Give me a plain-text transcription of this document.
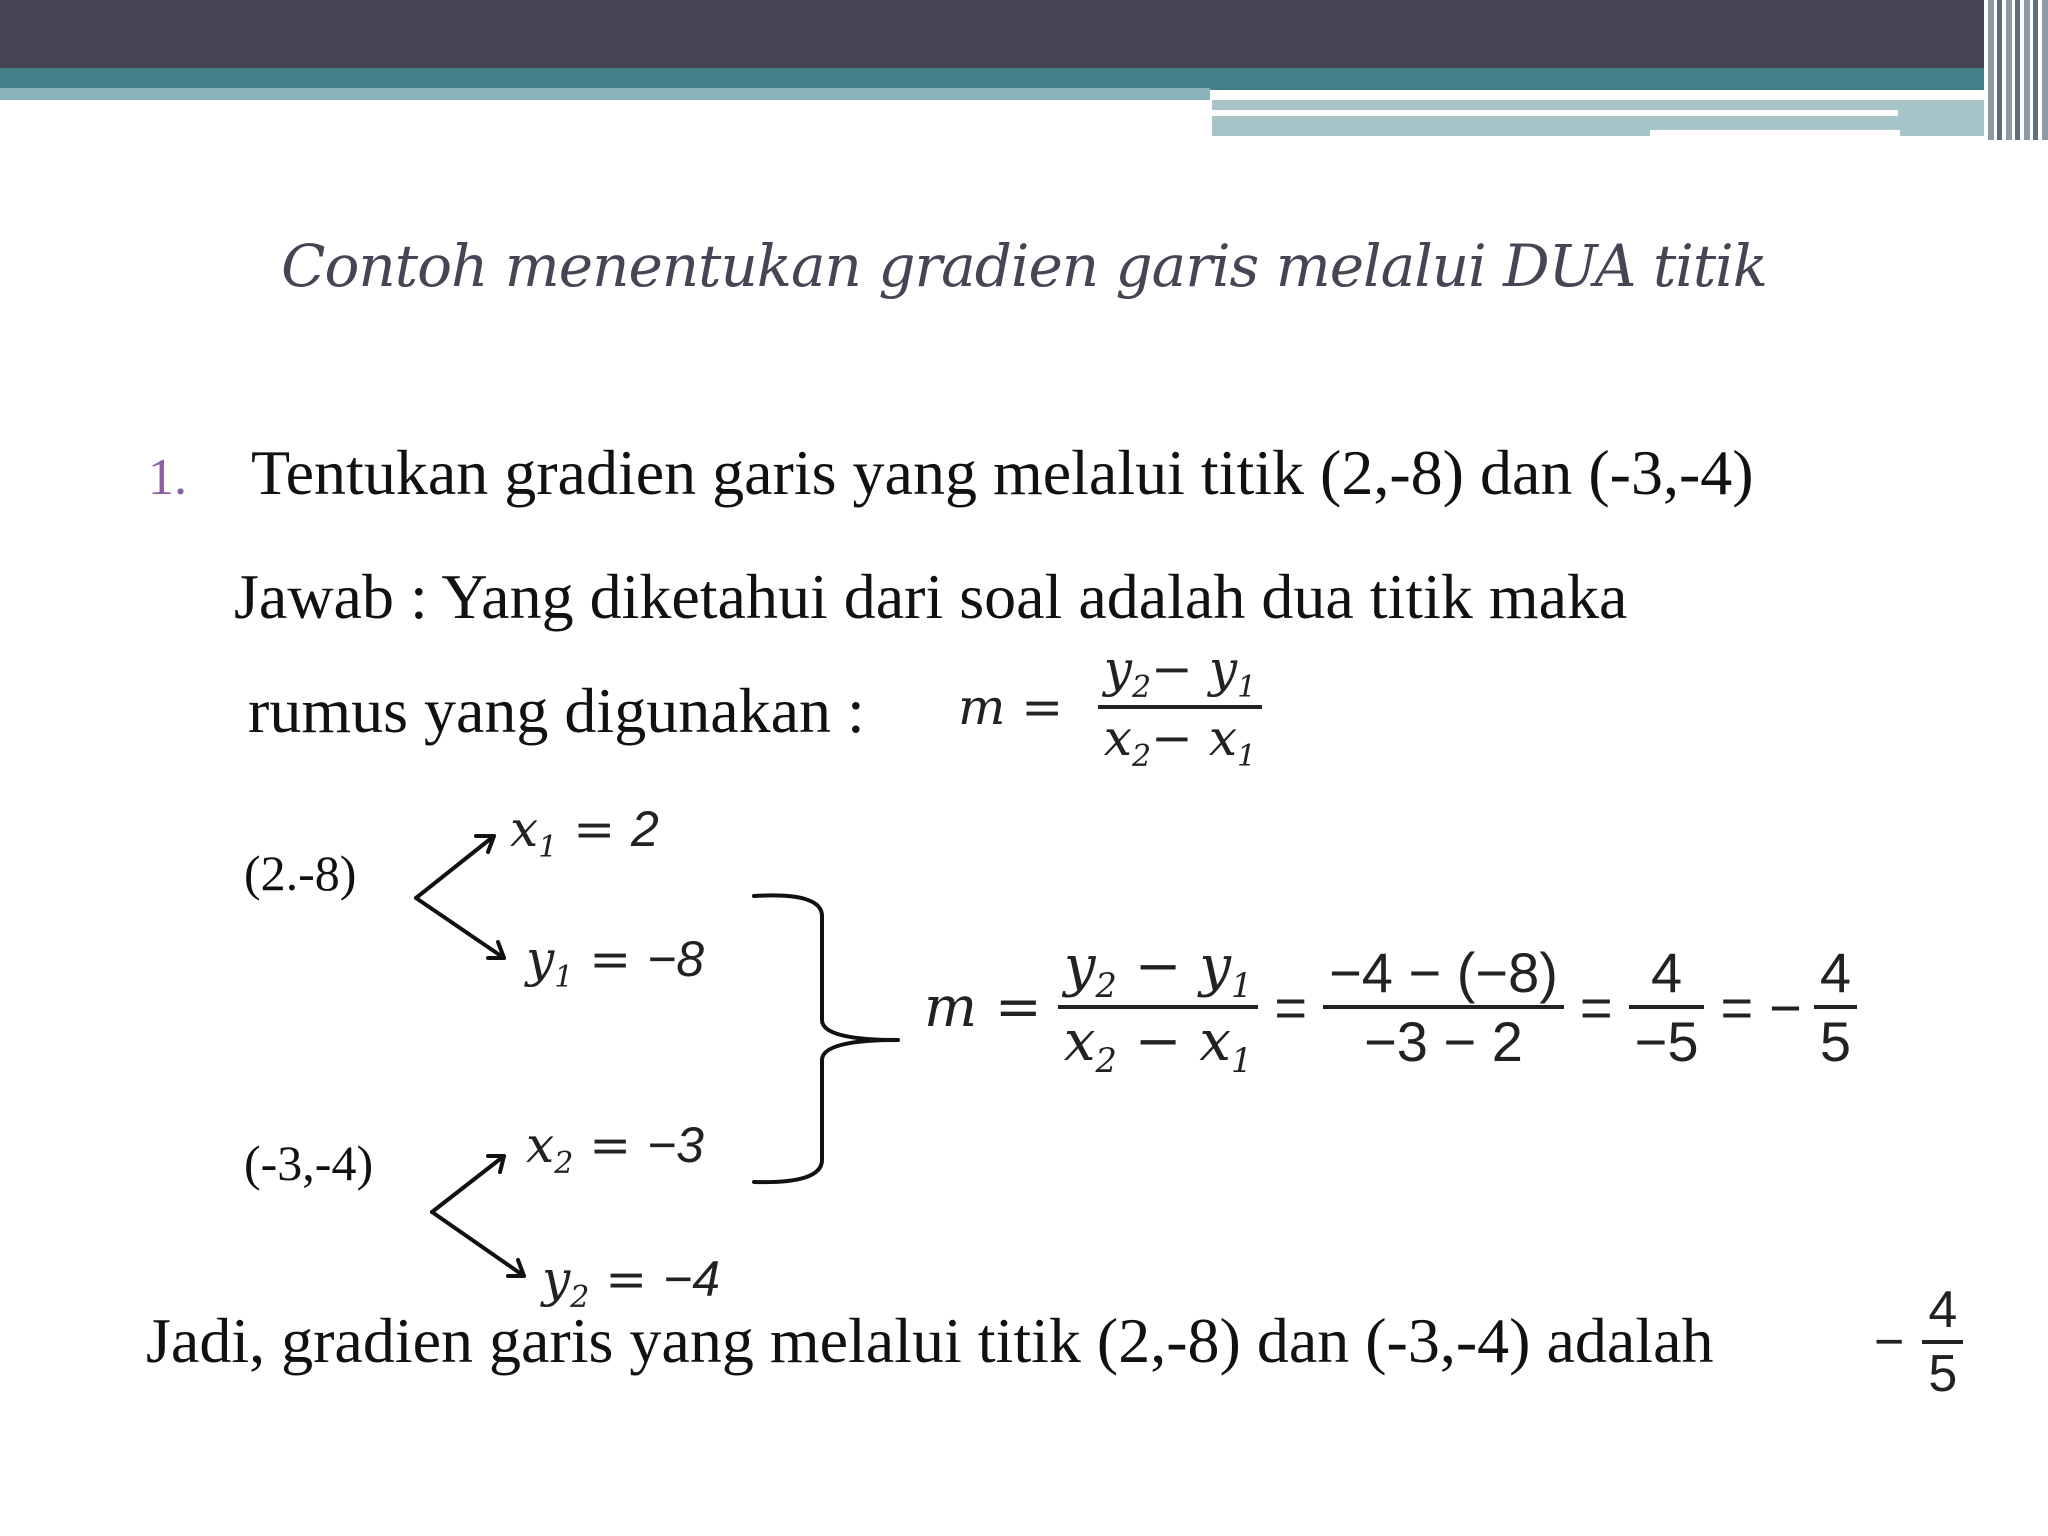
Contoh menentukan gradien garis melalui DUA titik
1. Tentukan gradien garis yang melalui titik (2,-8) dan (-3,-4)
Jawab : Yang diketahui dari soal adalah dua titik maka
rumus yang digunakan : $m = \frac{y_2- y_1}{x_2- x_1}$
(2.-8)
$x_1 = 2$
$y_1 = -8$
(-3,-4)	$x_2 = -3$
$y_2 = -4$
$m = \frac{y_2 - y_1}{x_2 - x_1} = \frac{-4 - (-8)}{-3 - 2} = \frac{4}{-5}$ = − $\frac{4}{5}$
Jadi, gradien garis yang melalui titik (2,-8) dan (-3,-4) adalah	− $\frac{4}{5}$
